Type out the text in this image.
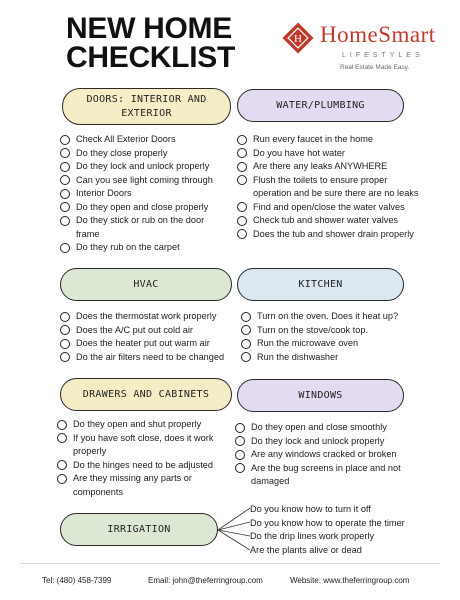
NEW HOME
CHECKLIST
H HomeSmart
LIFESTYLES
Real Estate Made Easy.
DOORS: INTERIOR AND
EXTERIOR
Check All Exterior Doors
Do they close properly
Do they lock and unlock properly
Can you see light coming through
Interior Doors
Do they open and close properly
Do they stick or rub on the door frame
Do they rub on the carpet
WATER/PLUMBING
Run every faucet in the home
Do you have hot water
Are there any leaks ANYWHERE
Flush the toilets to ensure proper operation and be sure there are no leaks
Find and open/close the water valves
Check tub and shower water valves
Does the tub and shower drain properly
HVAC
Does the thermostat work properly
Does the A/C put out cold air
Does the heater put out warm air
Do the air filters need to be changed
KITCHEN
Turn on the oven. Does it heat up?
Turn on the stove/cook top.
Run the microwave oven
Run the dishwasher
DRAWERS AND CABINETS
Do they open and shut properly
If you have soft close, does it work properly
Do the hinges need to be adjusted
Are they missing any parts or components
WINDOWS
Do they open and close smoothly
Do they lock and unlock properly
Are any windows cracked or broken
Are the bug screens in place and not damaged
IRRIGATION
Do you know how to turn it off
Do you know how to operate the timer
Do the drip lines work properly
Are the plants alive or dead
Tel: (480) 458-7399	Email: john@theferringroup.com	Website: www.theferringroup.com
